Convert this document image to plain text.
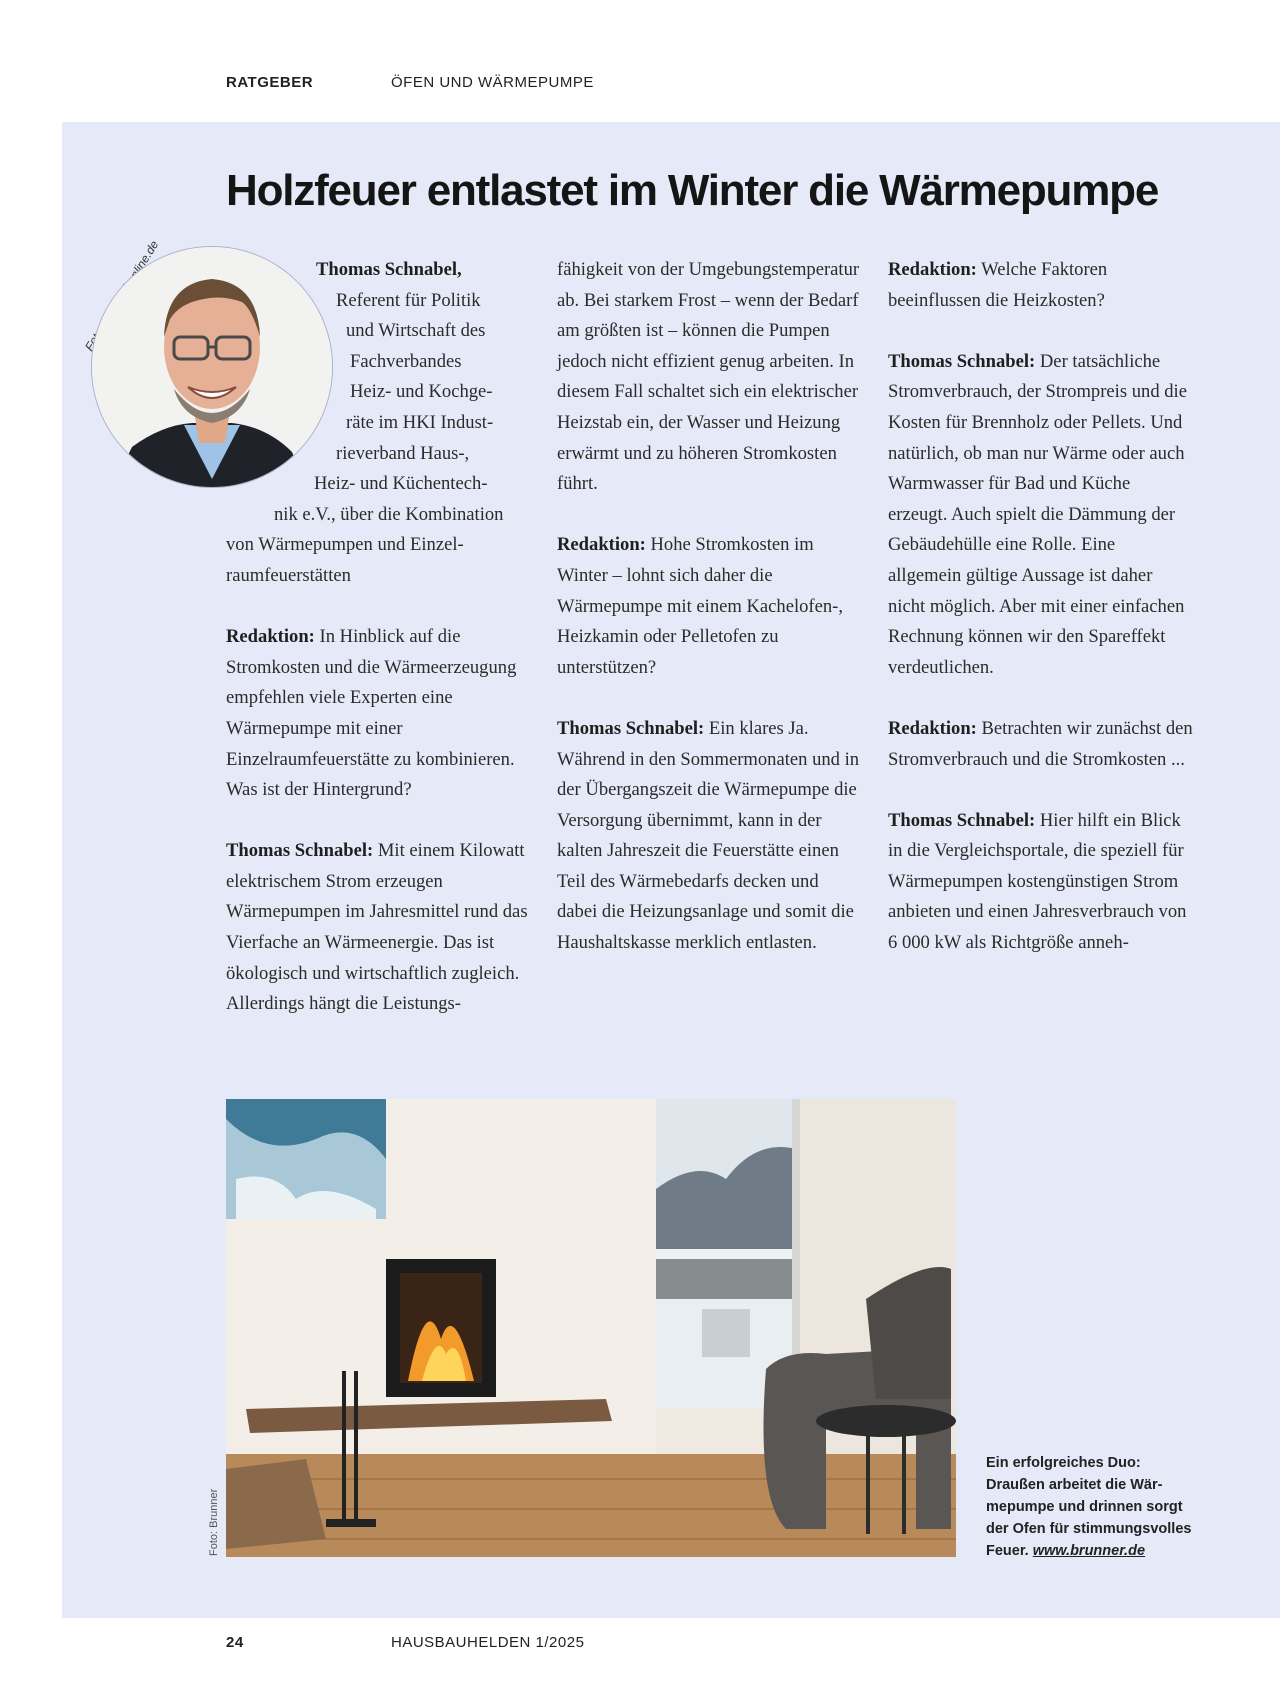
RATGEBER	ÖFEN UND WÄRMEPUMPE
Holzfeuer entlastet im Winter die Wärmepumpe

Thomas Schnabel,
Referent für Politik
und Wirtschaft des
Fachverbandes
Heiz- und Kochge-
räte im HKI Indust-
rieverband Haus-,
Heiz- und Küchentech-
nik e.V., über die Kombination
von Wärmepumpen und Einzel-
raumfeuerstätten

Redaktion: In Hinblick auf die Stromkosten und die Wärmeerzeugung empfehlen viele Experten eine Wärmepumpe mit einer Einzelraumfeuerstätte zu kombinieren. Was ist der Hintergrund?

Thomas Schnabel: Mit einem Kilowatt elektrischem Strom erzeugen Wärmepumpen im Jahresmittel rund das Vierfache an Wärmeenergie. Das ist ökologisch und wirtschaftlich zugleich. Allerdings hängt die Leistungs-

Redaktion: Welche Faktoren beeinflussen die Heizkosten?

Thomas Schnabel: Der tatsächliche Stromverbrauch, der Strompreis und die Kosten für Brennholz oder Pellets. Und natürlich, ob man nur Wärme oder auch Warmwasser für Bad und Küche erzeugt. Auch spielt die Dämmung der Gebäudehülle eine Rolle. Eine allgemein gültige Aussage ist daher nicht möglich. Aber mit einer einfachen Rechnung können wir den Spareffekt verdeutlichen.

Redaktion: Betrachten wir zunächst den Stromverbrauch und die Stromkosten ...

Thomas Schnabel: Hier hilft ein Blick in die Vergleichsportale, die speziell für Wärmepumpen kostengünstigen Strom anbieten und einen Jahresverbrauch von 6 000 kW als Richtgröße anneh-

Foto: Brunner
Ein erfolgreiches Duo: Draußen arbeitet die Wärmepumpe und drinnen sorgt der Ofen für stimmungsvolles Feuer. www.brunner.de
24	HAUSBAUHELDEN 1/2025

fähigkeit von der Umgebungstemperatur ab. Bei starkem Frost – wenn der Bedarf am größten ist – können die Pumpen jedoch nicht effizient genug arbeiten. In diesem Fall schaltet sich ein elektrischer Heizstab ein, der Wasser und Heizung erwärmt und zu höheren Stromkosten führt.

Redaktion: Hohe Stromkosten im Winter – lohnt sich daher die Wärmepumpe mit einem Kachelofen-, Heizkamin oder Pelletofen zu unterstützen?

Thomas Schnabel: Ein klares Ja. Während in den Sommermonaten und in der Übergangszeit die Wärmepumpe die Versorgung übernimmt, kann in der kalten Jahreszeit die Feuerstätte einen Teil des Wärmebedarfs decken und dabei die Heizungsanlage und somit die Haushaltskasse merklich entlasten.
